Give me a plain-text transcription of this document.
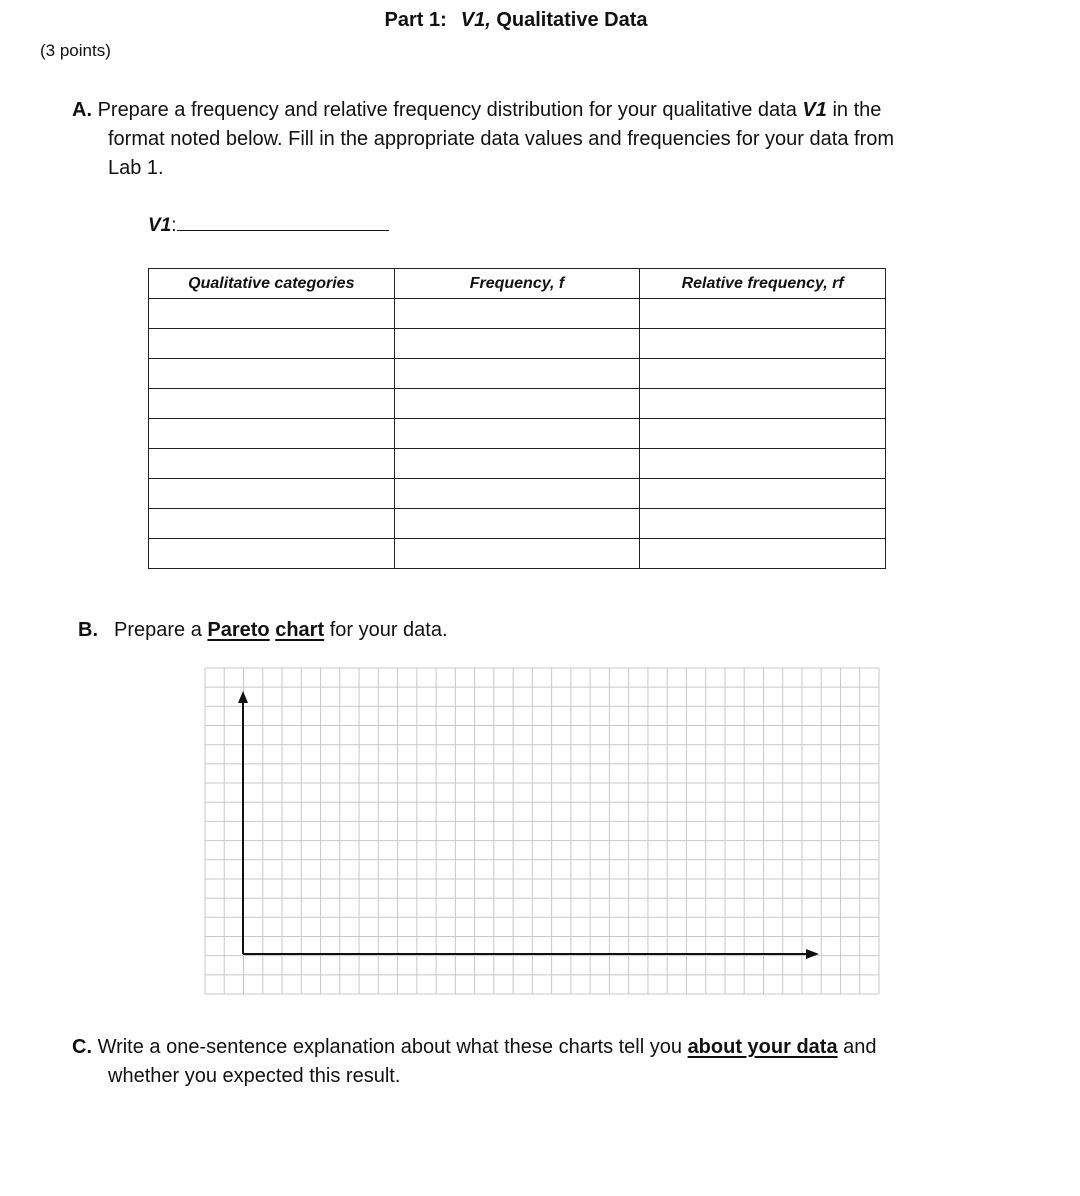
Part 1: V1, Qualitative Data
(3 points)
A. Prepare a frequency and relative frequency distribution for your qualitative data V1 in the
format noted below. Fill in the appropriate data values and frequencies for your data from
Lab 1.
V1:
Qualitative categories	Frequency, f	Relative frequency, rf

B. Prepare a Pareto chart for your data.
C. Write a one-sentence explanation about what these charts tell you about your data and
whether you expected this result.
